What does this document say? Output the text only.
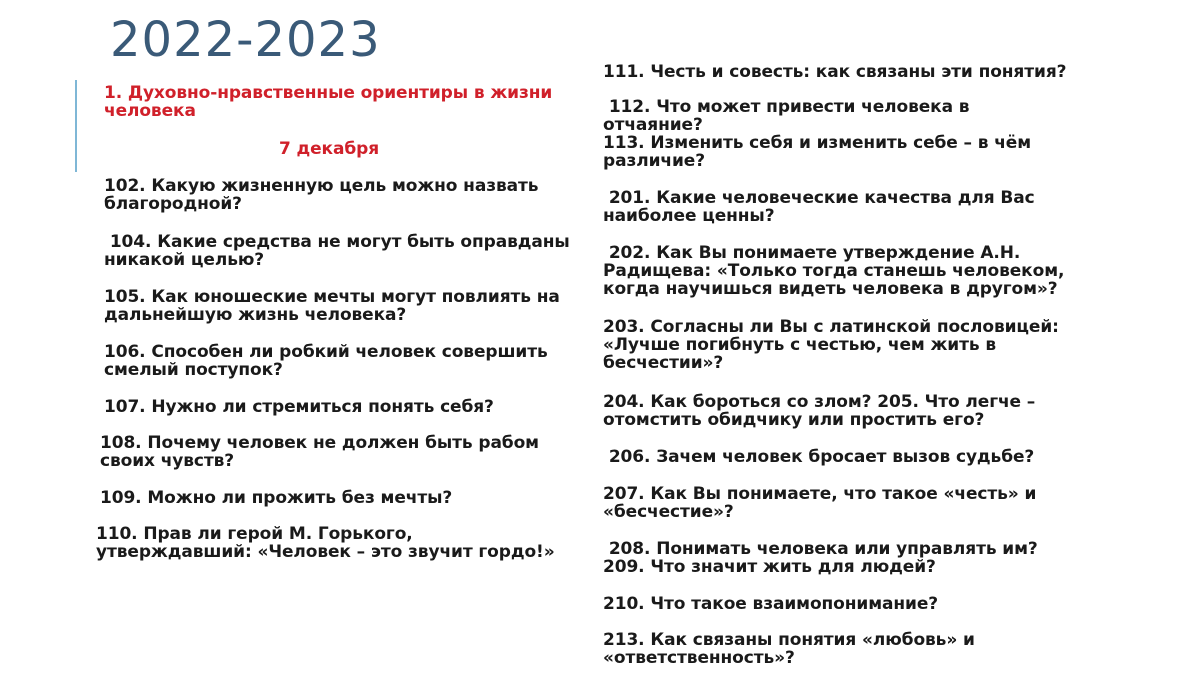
2022-2023

1. Духовно-нравственные ориентиры в жизни человека

7 декабря

102. Какую жизненную цель можно назвать благородной?

104. Какие средства не могут быть оправданы никакой целью?

105. Как юношеские мечты могут повлиять на дальнейшую жизнь человека?

106. Способен ли робкий человек совершить смелый поступок?

107. Нужно ли стремиться понять себя?

108. Почему человек не должен быть рабом своих чувств?

109. Можно ли прожить без мечты?

110. Прав ли герой М. Горького, утверждавший: «Человек – это звучит гордо!»

111. Честь и совесть: как связаны эти понятия?

112. Что может привести человека в отчаяние?

113. Изменить себя и изменить себе – в чём различие?

201. Какие человеческие качества для Вас наиболее ценны?

202. Как Вы понимаете утверждение А.Н. Радищева: «Только тогда станешь человеком, когда научишься видеть человека в другом»?

203. Согласны ли Вы с латинской пословицей: «Лучше погибнуть с честью, чем жить в бесчестии»?

204. Как бороться со злом? 205. Что легче – отомстить обидчику или простить его?

206. Зачем человек бросает вызов судьбе?

207. Как Вы понимаете, что такое «честь» и «бесчестие»?

208. Понимать человека или управлять им? 209. Что значит жить для людей?

210. Что такое взаимопонимание?

213. Как связаны понятия «любовь» и «ответственность»?
